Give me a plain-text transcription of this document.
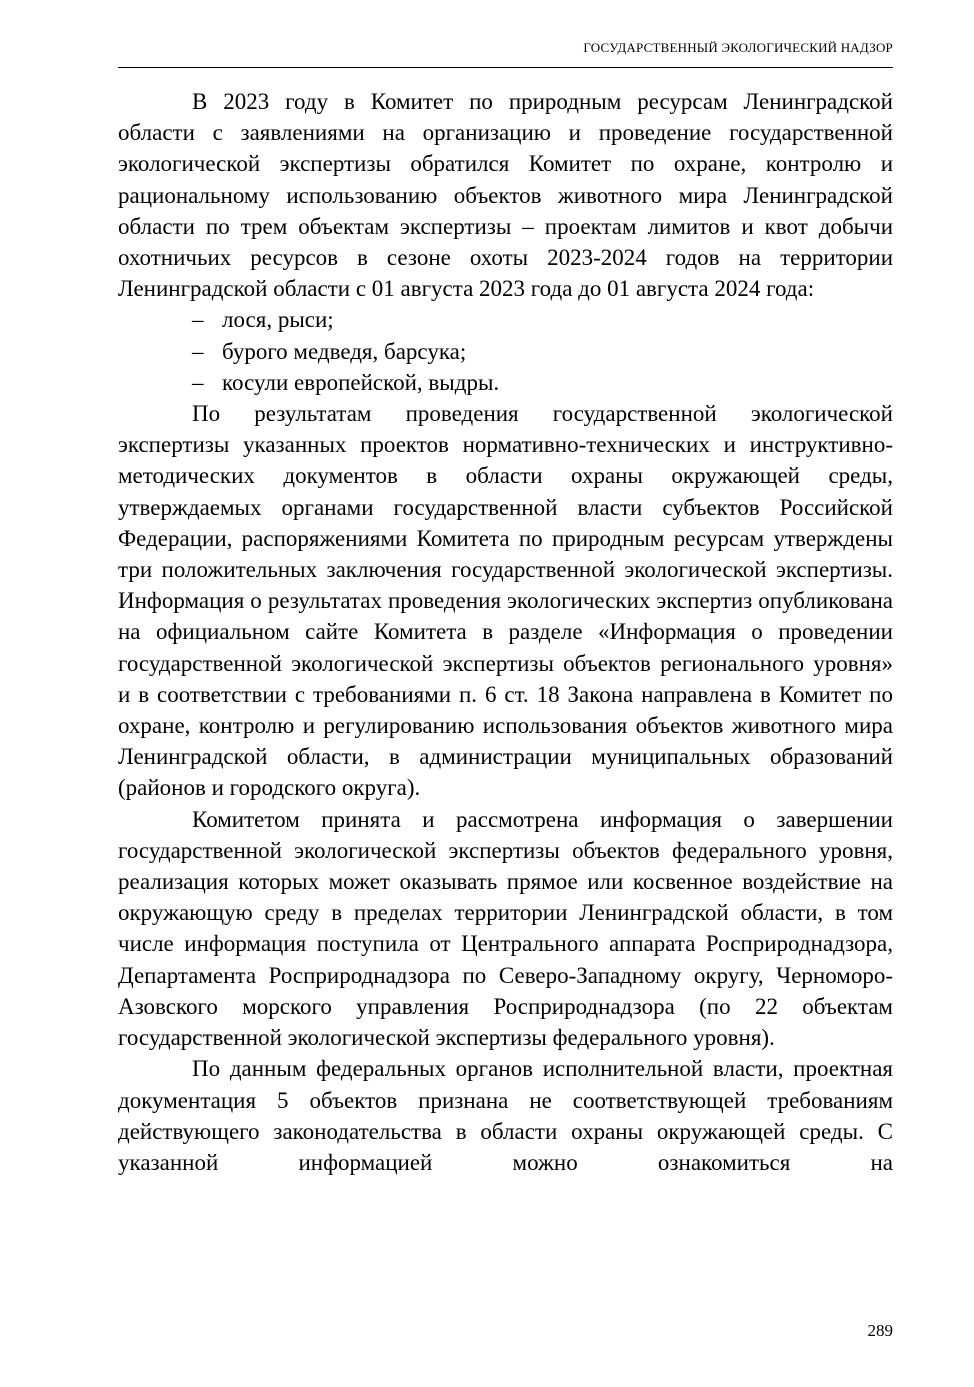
ГОСУДАРСТВЕННЫЙ ЭКОЛОГИЧЕСКИЙ НАДЗОР

В 2023 году в Комитет по природным ресурсам Ленинградской области с заявлениями на организацию и проведение государственной экологической экспертизы обратился Комитет по охране, контролю и рациональному использованию объектов животного мира Ленинградской области по трем объектам экспертизы – проектам лимитов и квот добычи охотничьих ресурсов в сезоне охоты 2023-2024 годов на территории Ленинградской области с 01 августа 2023 года до 01 августа 2024 года:

– лося, рыси;
– бурого медведя, барсука;
– косули европейской, выдры.

По результатам проведения государственной экологической экспертизы указанных проектов нормативно-технических и инструктивно-методических документов в области охраны окружающей среды, утверждаемых органами государственной власти субъектов Российской Федерации, распоряжениями Комитета по природным ресурсам утверждены три положительных заключения государственной экологической экспертизы. Информация о результатах проведения экологических экспертиз опубликована на официальном сайте Комитета в разделе «Информация о проведении государственной экологической экспертизы объектов регионального уровня» и в соответствии с требованиями п. 6 ст. 18 Закона направлена в Комитет по охране, контролю и регулированию использования объектов животного мира Ленинградской области, в администрации муниципальных образований (районов и городского округа).

Комитетом принята и рассмотрена информация о завершении государственной экологической экспертизы объектов федерального уровня, реализация которых может оказывать прямое или косвенное воздействие на окружающую среду в пределах территории Ленинградской области, в том числе информация поступила от Центрального аппарата Росприроднадзора, Департамента Росприроднадзора по Северо-Западному округу, Черноморо-Азовского морского управления Росприроднадзора (по 22 объектам государственной экологической экспертизы федерального уровня).

По данным федеральных органов исполнительной власти, проектная документация 5 объектов признана не соответствующей требованиям действующего законодательства в области охраны окружающей среды. С указанной информацией можно ознакомиться на

289
